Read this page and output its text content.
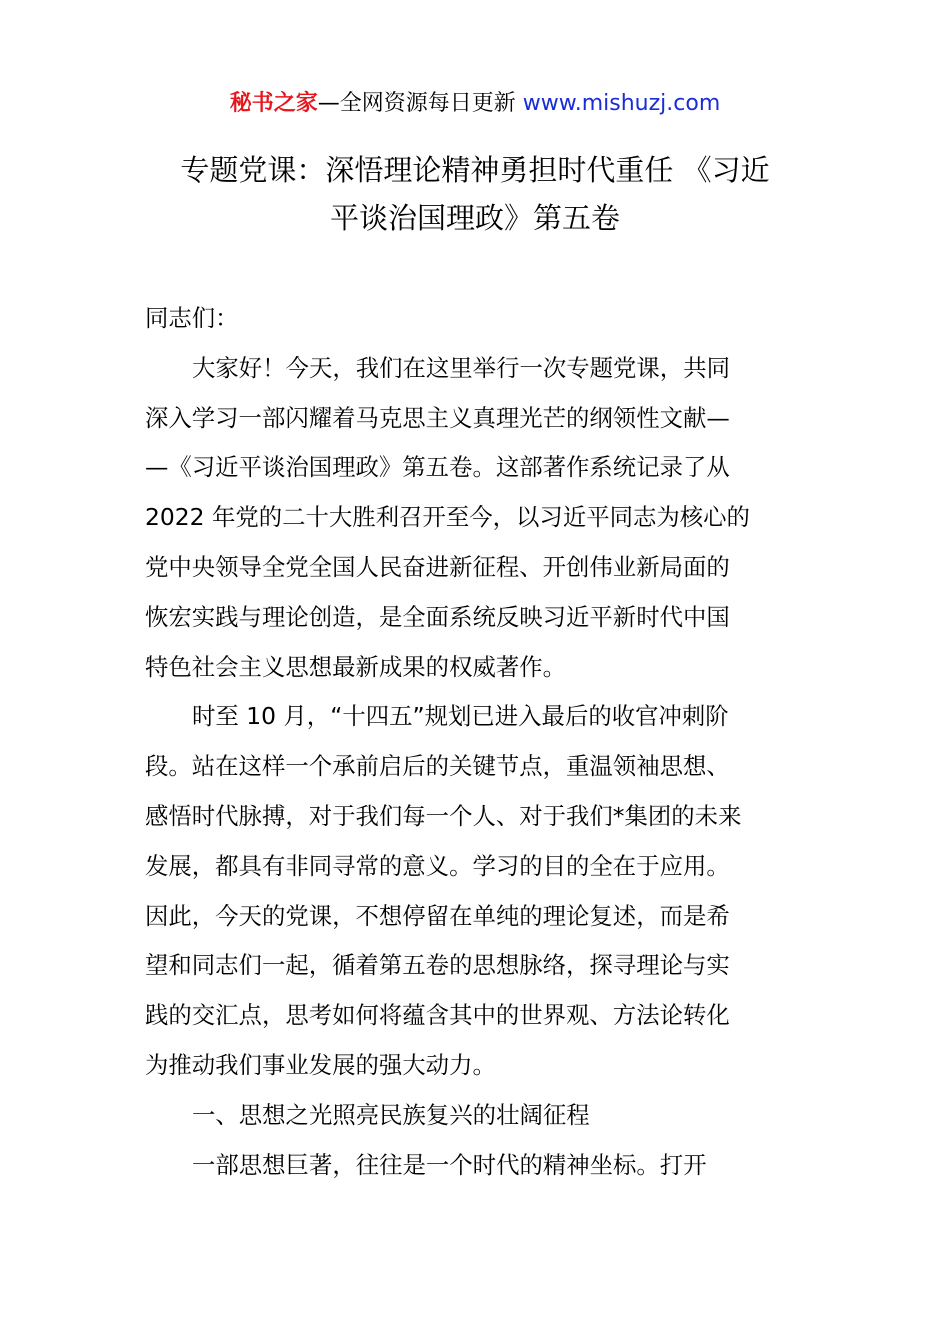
秘书之家—全网资源每日更新 www.mishuzj.com
专题党课：深悟理论精神勇担时代重任 《习近
平谈治国理政》第五卷
同志们：
大家好！今天，我们在这里举行一次专题党课，共同
深入学习一部闪耀着马克思主义真理光芒的纲领性文献—
—《习近平谈治国理政》第五卷。这部著作系统记录了从
2022 年党的二十大胜利召开至今，以习近平同志为核心的
党中央领导全党全国人民奋进新征程、开创伟业新局面的
恢宏实践与理论创造，是全面系统反映习近平新时代中国
特色社会主义思想最新成果的权威著作。
时至 10 月，“十四五”规划已进入最后的收官冲刺阶
段。站在这样一个承前启后的关键节点，重温领袖思想、
感悟时代脉搏，对于我们每一个人、对于我们*集团的未来
发展，都具有非同寻常的意义。学习的目的全在于应用。
因此，今天的党课，不想停留在单纯的理论复述，而是希
望和同志们一起，循着第五卷的思想脉络，探寻理论与实
践的交汇点，思考如何将蕴含其中的世界观、方法论转化
为推动我们事业发展的强大动力。
一、思想之光照亮民族复兴的壮阔征程
一部思想巨著，往往是一个时代的精神坐标。打开
